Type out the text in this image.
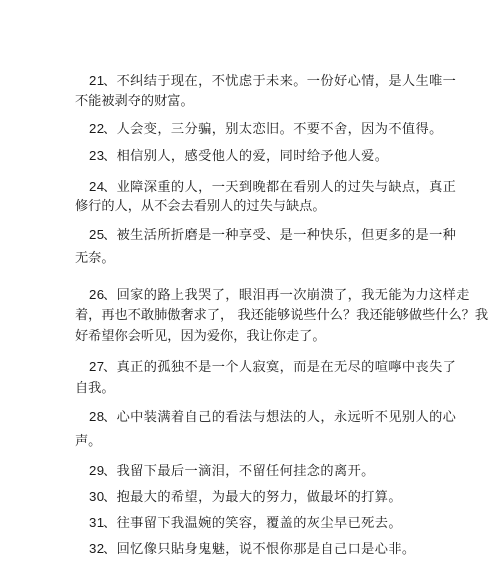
21、不纠结于现在，不忧虑于未来。一份好心情，是人生唯一
不能被剥夺的财富。
22、人会变，三分骗，别太恋旧。不要不舍，因为不值得。
23、相信别人，感受他人的爱，同时给予他人爱。
24、业障深重的人，一天到晚都在看别人的过失与缺点，真正
修行的人，从不会去看别人的过失与缺点。
25、被生活所折磨是一种享受、是一种快乐，但更多的是一种
无奈。
26、回家的路上我哭了，眼泪再一次崩溃了，我无能为力这样走
着，再也不敢肺傲奢求了， 我还能够说些什么？我还能够做些什么？我
好希望你会听见，因为爱你，我让你走了。
27、真正的孤独不是一个人寂寞，而是在无尽的喧嚀中丧失了
自我。
28、心中装满着自己的看法与想法的人，永远听不见别人的心
声。
29、我留下最后一滴泪，不留任何挂念的离开。
30、抱最大的希望，为最大的努力，做最坏的打算。
31、往事留下我温婉的笑容，覆盖的灰尘早已死去。
32、回忆像只貼身鬼魅，说不恨你那是自己口是心非。
